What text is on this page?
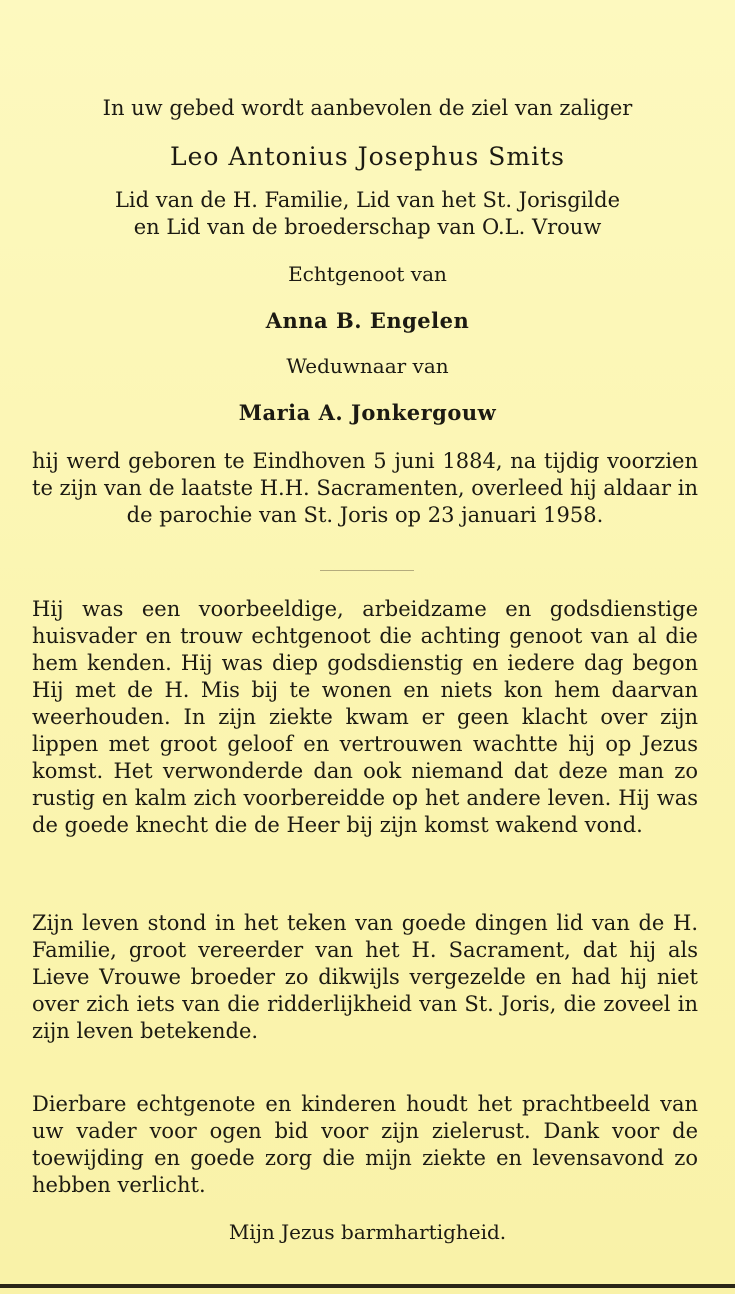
In uw gebed wordt aanbevolen de ziel van zaliger
Leo Antonius Josephus Smits
Lid van de H. Familie, Lid van het St. Jorisgilde
en Lid van de broederschap van O.L. Vrouw
Echtgenoot van
Anna B. Engelen
Weduwnaar van
Maria A. Jonkergouw

hij werd geboren te Eindhoven 5 juni 1884, na tijdig voorzien te zijn van de laatste H.H. Sacramenten, overleed hij aldaar in de parochie van St. Joris op 23 januari 1958.

Hij was een voorbeeldige, arbeidzame en godsdienstige huisvader en trouw echtgenoot die achting genoot van al die hem kenden. Hij was diep godsdienstig en iedere dag begon Hij met de H. Mis bij te wonen en niets kon hem daarvan weerhouden. In zijn ziekte kwam er geen klacht over zijn lippen met groot geloof en vertrouwen wachtte hij op Jezus komst. Het verwonderde dan ook niemand dat deze man zo rustig en kalm zich voorbereidde op het andere leven. Hij was de goede knecht die de Heer bij zijn komst wakend vond.

Zijn leven stond in het teken van goede dingen lid van de H. Familie, groot vereerder van het H. Sacrament, dat hij als Lieve Vrouwe broeder zo dikwijls vergezelde en had hij niet over zich iets van die ridderlijkheid van St. Joris, die zoveel in zijn leven betekende.

Dierbare echtgenote en kinderen houdt het prachtbeeld van uw vader voor ogen bid voor zijn zielerust. Dank voor de toewijding en goede zorg die mijn ziekte en levensavond zo hebben verlicht.

Mijn Jezus barmhartigheid.
